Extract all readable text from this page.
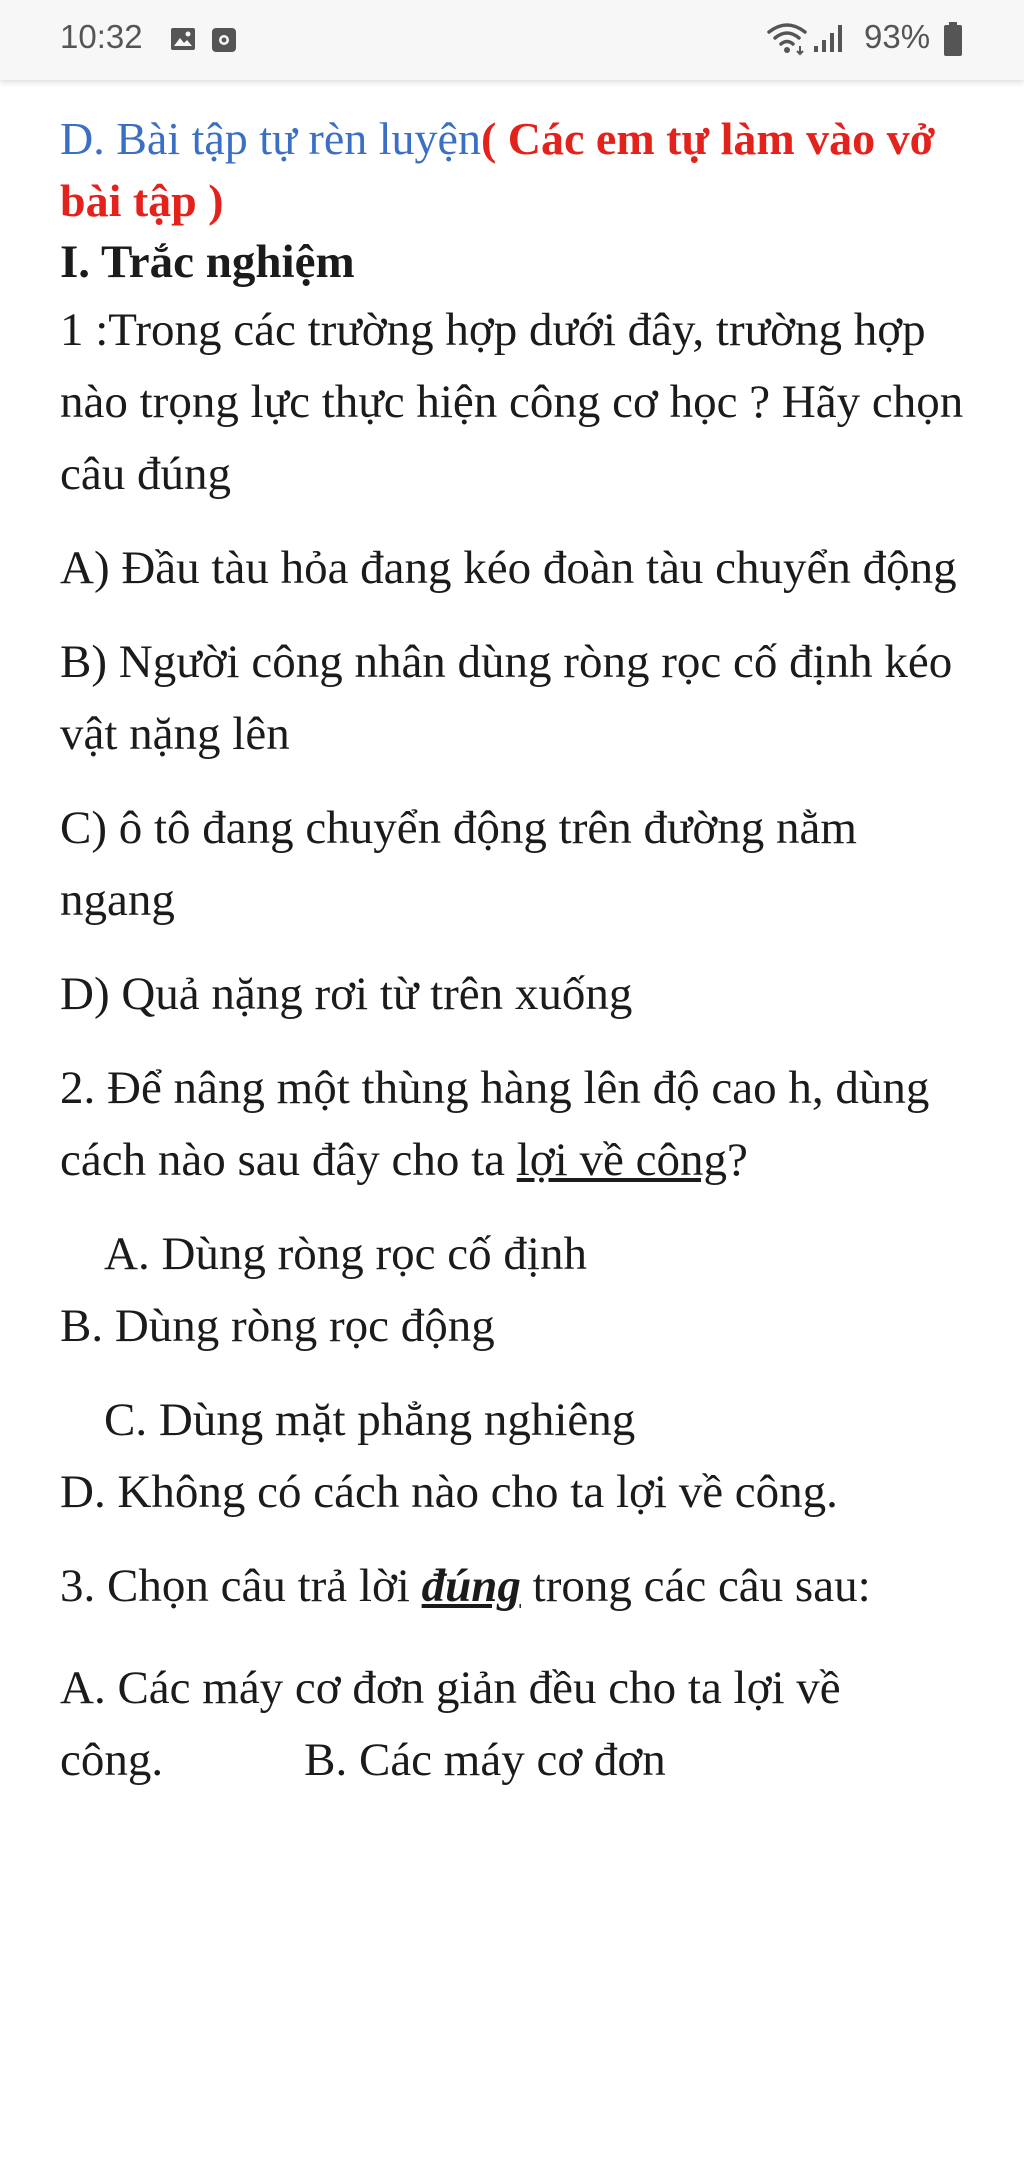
10:32	93%

D. Bài tập tự rèn luyện( Các em tự làm vào vở bài tập )

I. Trắc nghiệm

1 :Trong các trường hợp dưới đây, trường hợp nào trọng lực thực hiện công cơ học ? Hãy chọn câu đúng

A) Đầu tàu hỏa đang kéo đoàn tàu chuyển động

B) Người công nhân dùng ròng rọc cố định kéo vật nặng lên

C) ô tô đang chuyển động trên đường nằm ngang

D) Quả nặng rơi từ trên xuống

2. Để nâng một thùng hàng lên độ cao h, dùng cách nào sau đây cho ta lợi về công?

A. Dùng ròng rọc cố định

B. Dùng ròng rọc động

C. Dùng mặt phẳng nghiêng

D. Không có cách nào cho ta lợi về công.

3. Chọn câu trả lời đúng trong các câu sau:

A. Các máy cơ đơn giản đều cho ta lợi về công.	B. Các máy cơ đơn
